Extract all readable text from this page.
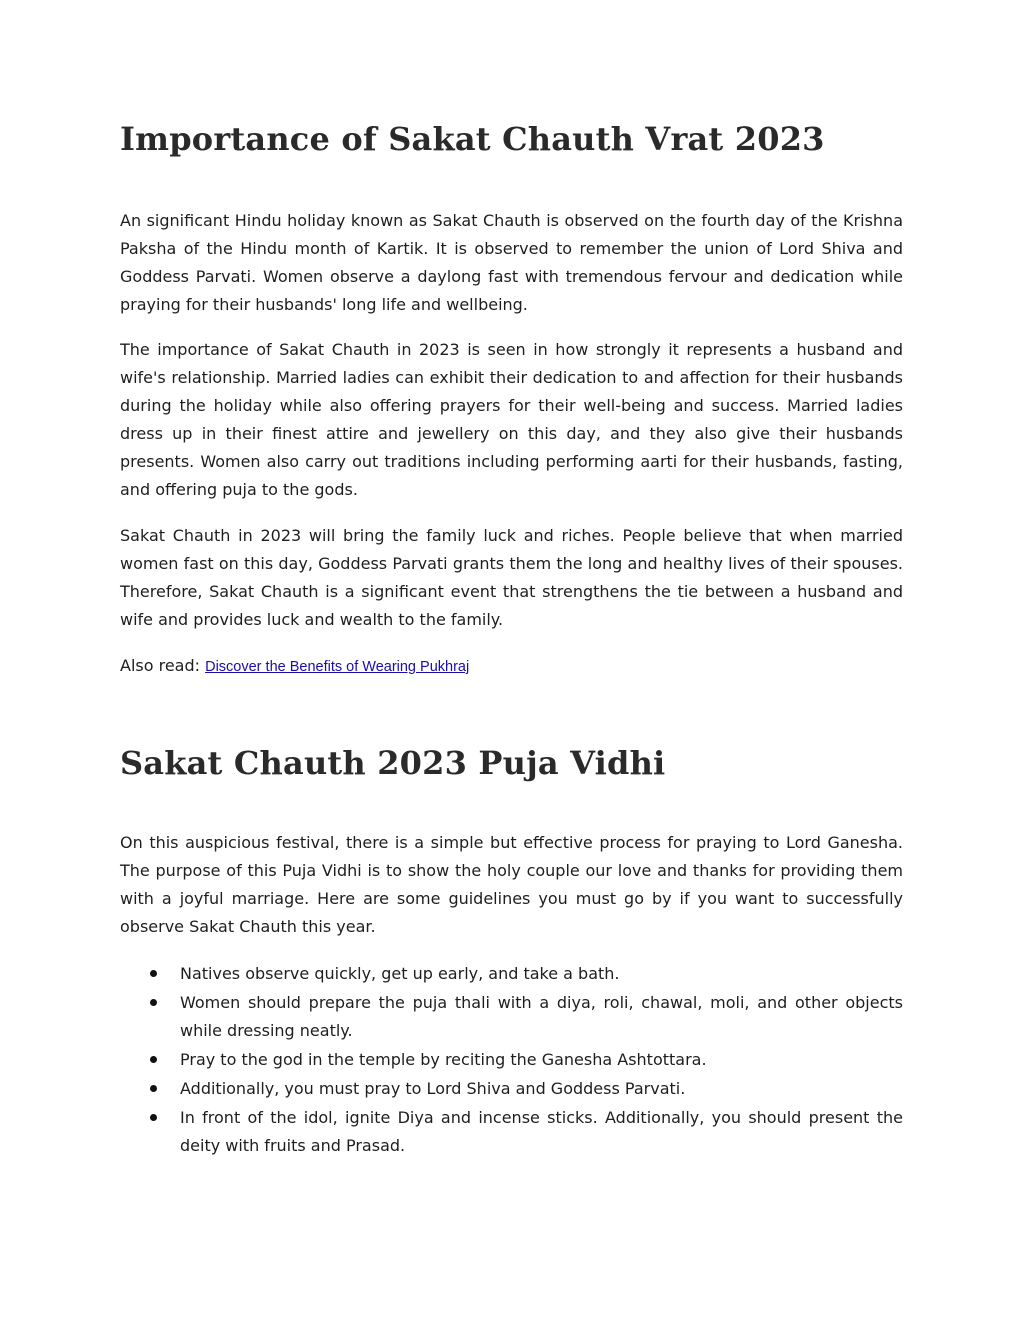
Importance of Sakat Chauth Vrat 2023

An significant Hindu holiday known as Sakat Chauth is observed on the fourth day of the Krishna Paksha of the Hindu month of Kartik. It is observed to remember the union of Lord Shiva and Goddess Parvati. Women observe a daylong fast with tremendous fervour and dedication while praying for their husbands' long life and wellbeing.

The importance of Sakat Chauth in 2023 is seen in how strongly it represents a husband and wife's relationship. Married ladies can exhibit their dedication to and affection for their husbands during the holiday while also offering prayers for their well-being and success. Married ladies dress up in their finest attire and jewellery on this day, and they also give their husbands presents. Women also carry out traditions including performing aarti for their husbands, fasting, and offering puja to the gods.

Sakat Chauth in 2023 will bring the family luck and riches. People believe that when married women fast on this day, Goddess Parvati grants them the long and healthy lives of their spouses. Therefore, Sakat Chauth is a significant event that strengthens the tie between a husband and wife and provides luck and wealth to the family.

Also read: Discover the Benefits of Wearing Pukhraj

Sakat Chauth 2023 Puja Vidhi

On this auspicious festival, there is a simple but effective process for praying to Lord Ganesha. The purpose of this Puja Vidhi is to show the holy couple our love and thanks for providing them with a joyful marriage. Here are some guidelines you must go by if you want to successfully observe Sakat Chauth this year.

Natives observe quickly, get up early, and take a bath.
Women should prepare the puja thali with a diya, roli, chawal, moli, and other objects while dressing neatly.
Pray to the god in the temple by reciting the Ganesha Ashtottara.
Additionally, you must pray to Lord Shiva and Goddess Parvati.
In front of the idol, ignite Diya and incense sticks. Additionally, you should present the deity with fruits and Prasad.
